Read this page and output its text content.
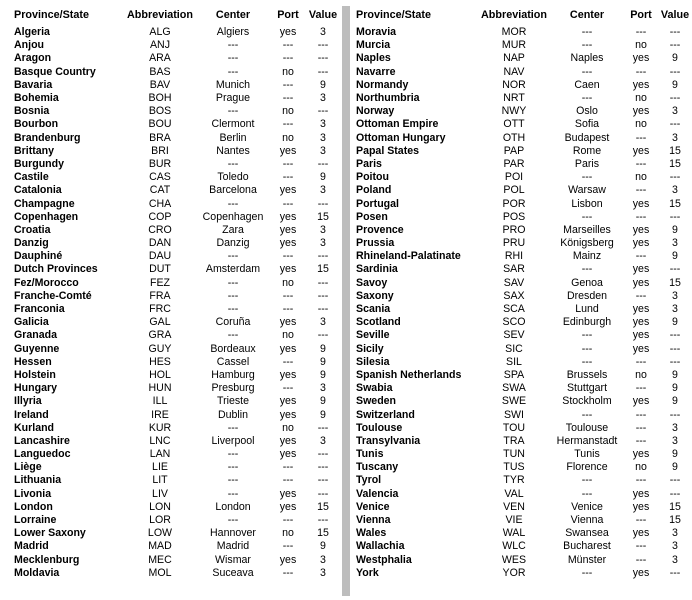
Province/State	Abbreviation	Center	Port	Value
Algeria	ALG	Algiers	yes	3
Anjou	ANJ	---	---	---
Aragon	ARA	---	---	---
Basque Country	BAS	---	no	---
Bavaria	BAV	Munich	---	9
Bohemia	BOH	Prague	---	3
Bosnia	BOS	---	no	---
Bourbon	BOU	Clermont	---	3
Brandenburg	BRA	Berlin	no	3
Brittany	BRI	Nantes	yes	3
Burgundy	BUR	---	---	---
Castile	CAS	Toledo	---	9
Catalonia	CAT	Barcelona	yes	3
Champagne	CHA	---	---	---
Copenhagen	COP	Copenhagen	yes	15
Croatia	CRO	Zara	yes	3
Danzig	DAN	Danzig	yes	3
Dauphiné	DAU	---	---	---
Dutch Provinces	DUT	Amsterdam	yes	15
Fez/Morocco	FEZ	---	no	---
Franche-Comté	FRA	---	---	---
Franconia	FRC	---	---	---
Galicia	GAL	Coruña	yes	3
Granada	GRA	---	no	---
Guyenne	GUY	Bordeaux	yes	9
Hessen	HES	Cassel	---	9
Holstein	HOL	Hamburg	yes	9
Hungary	HUN	Presburg	---	3
Illyria	ILL	Trieste	yes	9
Ireland	IRE	Dublin	yes	9
Kurland	KUR	---	no	---
Lancashire	LNC	Liverpool	yes	3
Languedoc	LAN	---	yes	---
Liège	LIE	---	---	---
Lithuania	LIT	---	---	---
Livonia	LIV	---	yes	---
London	LON	London	yes	15
Lorraine	LOR	---	---	---
Lower Saxony	LOW	Hannover	no	15
Madrid	MAD	Madrid	---	9
Mecklenburg	MEC	Wismar	yes	3
Moldavia	MOL	Suceava	---	3
Province/State	Abbreviation	Center	Port	Value
Moravia	MOR	---	---	---
Murcia	MUR	---	no	---
Naples	NAP	Naples	yes	9
Navarre	NAV	---	---	---
Normandy	NOR	Caen	yes	9
Northumbria	NRT	---	no	---
Norway	NWY	Oslo	yes	3
Ottoman Empire	OTT	Sofia	no	---
Ottoman Hungary	OTH	Budapest	---	3
Papal States	PAP	Rome	yes	15
Paris	PAR	Paris	---	15
Poitou	POI	---	no	---
Poland	POL	Warsaw	---	3
Portugal	POR	Lisbon	yes	15
Posen	POS	---	---	---
Provence	PRO	Marseilles	yes	9
Prussia	PRU	Königsberg	yes	3
Rhineland-Palatinate	RHI	Mainz	---	9
Sardinia	SAR	---	yes	---
Savoy	SAV	Genoa	yes	15
Saxony	SAX	Dresden	---	3
Scania	SCA	Lund	yes	3
Scotland	SCO	Edinburgh	yes	9
Seville	SEV	---	yes	---
Sicily	SIC	---	yes	---
Silesia	SIL	---	---	---
Spanish Netherlands	SPA	Brussels	no	9
Swabia	SWA	Stuttgart	---	9
Sweden	SWE	Stockholm	yes	9
Switzerland	SWI	---	---	---
Toulouse	TOU	Toulouse	---	3
Transylvania	TRA	Hermanstadt	---	3
Tunis	TUN	Tunis	yes	9
Tuscany	TUS	Florence	no	9
Tyrol	TYR	---	---	---
Valencia	VAL	---	yes	---
Venice	VEN	Venice	yes	15
Vienna	VIE	Vienna	---	15
Wales	WAL	Swansea	yes	3
Wallachia	WLC	Bucharest	---	3
Westphalia	WES	Münster	---	3
York	YOR	---	yes	---
